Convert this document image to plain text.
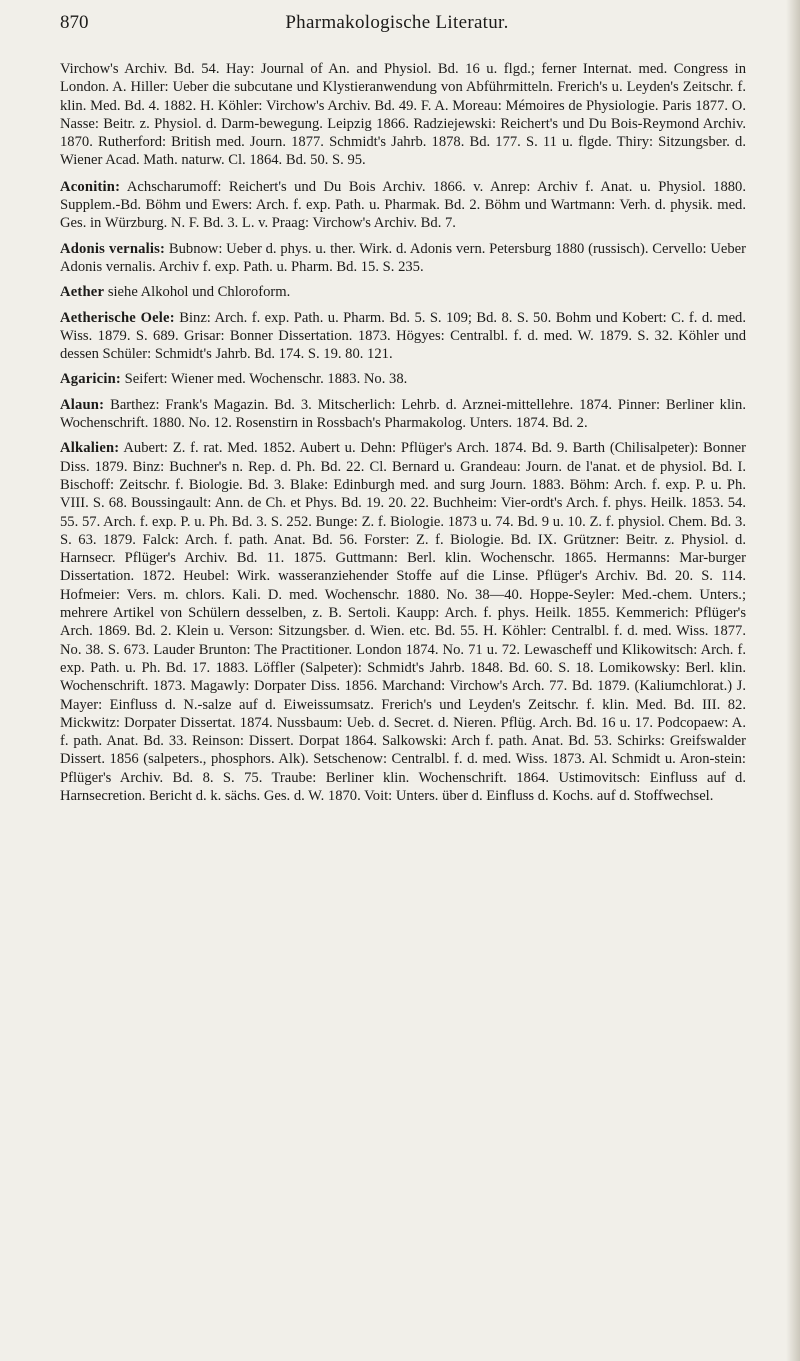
870	Pharmakologische Literatur.

Virchow's Archiv. Bd. 54. Hay: Journal of An. and Physiol. Bd. 16 u. flgd.; ferner Internat. med. Congress in London. A. Hiller: Ueber die subcutane und Klystieranwendung von Abführmitteln. Frerich's u. Leyden's Zeitschr. f. klin. Med. Bd. 4. 1882. H. Köhler: Virchow's Archiv. Bd. 49. F. A. Moreau: Mémoires de Physiologie. Paris 1877. O. Nasse: Beitr. z. Physiol. d. Darm-bewegung. Leipzig 1866. Radziejewski: Reichert's und Du Bois-Reymond Archiv. 1870. Rutherford: British med. Journ. 1877. Schmidt's Jahrb. 1878. Bd. 177. S. 11 u. flgde. Thiry: Sitzungsber. d. Wiener Acad. Math. naturw. Cl. 1864. Bd. 50. S. 95.

Aconitin: Achscharumoff: Reichert's und Du Bois Archiv. 1866. v. Anrep: Archiv f. Anat. u. Physiol. 1880. Supplem.-Bd. Böhm und Ewers: Arch. f. exp. Path. u. Pharmak. Bd. 2. Böhm und Wartmann: Verh. d. physik. med. Ges. in Würzburg. N. F. Bd. 3. L. v. Praag: Virchow's Archiv. Bd. 7.

Adonis vernalis: Bubnow: Ueber d. phys. u. ther. Wirk. d. Adonis vern. Petersburg 1880 (russisch). Cervello: Ueber Adonis vernalis. Archiv f. exp. Path. u. Pharm. Bd. 15. S. 235.

Aether siehe Alkohol und Chloroform.

Aetherische Oele: Binz: Arch. f. exp. Path. u. Pharm. Bd. 5. S. 109; Bd. 8. S. 50. Bohm und Kobert: C. f. d. med. Wiss. 1879. S. 689. Grisar: Bonner Dissertation. 1873. Högyes: Centralbl. f. d. med. W. 1879. S. 32. Köhler und dessen Schüler: Schmidt's Jahrb. Bd. 174. S. 19. 80. 121.

Agaricin: Seifert: Wiener med. Wochenschr. 1883. No. 38.

Alaun: Barthez: Frank's Magazin. Bd. 3. Mitscherlich: Lehrb. d. Arznei-mittellehre. 1874. Pinner: Berliner klin. Wochenschrift. 1880. No. 12. Rosenstirn in Rossbach's Pharmakolog. Unters. 1874. Bd. 2.

Alkalien: Aubert: Z. f. rat. Med. 1852. Aubert u. Dehn: Pflüger's Arch. 1874. Bd. 9. Barth (Chilisalpeter): Bonner Diss. 1879. Binz: Buchner's n. Rep. d. Ph. Bd. 22. Cl. Bernard u. Grandeau: Journ. de l'anat. et de physiol. Bd. I. Bischoff: Zeitschr. f. Biologie. Bd. 3. Blake: Edinburgh med. and surg Journ. 1883. Böhm: Arch. f. exp. P. u. Ph. VIII. S. 68. Boussingault: Ann. de Ch. et Phys. Bd. 19. 20. 22. Buchheim: Vier-ordt's Arch. f. phys. Heilk. 1853. 54. 55. 57. Arch. f. exp. P. u. Ph. Bd. 3. S. 252. Bunge: Z. f. Biologie. 1873 u. 74. Bd. 9 u. 10. Z. f. physiol. Chem. Bd. 3. S. 63. 1879. Falck: Arch. f. path. Anat. Bd. 56. Forster: Z. f. Biologie. Bd. IX. Grützner: Beitr. z. Physiol. d. Harnsecr. Pflüger's Archiv. Bd. 11. 1875. Guttmann: Berl. klin. Wochenschr. 1865. Hermanns: Mar-burger Dissertation. 1872. Heubel: Wirk. wasseranziehender Stoffe auf die Linse. Pflüger's Archiv. Bd. 20. S. 114. Hofmeier: Vers. m. chlors. Kali. D. med. Wochenschr. 1880. No. 38—40. Hoppe-Seyler: Med.-chem. Unters.; mehrere Artikel von Schülern desselben, z. B. Sertoli. Kaupp: Arch. f. phys. Heilk. 1855. Kemmerich: Pflüger's Arch. 1869. Bd. 2. Klein u. Verson: Sitzungsber. d. Wien. etc. Bd. 55. H. Köhler: Centralbl. f. d. med. Wiss. 1877. No. 38. S. 673. Lauder Brunton: The Practitioner. London 1874. No. 71 u. 72. Lewascheff und Klikowitsch: Arch. f. exp. Path. u. Ph. Bd. 17. 1883. Löffler (Salpeter): Schmidt's Jahrb. 1848. Bd. 60. S. 18. Lomikowsky: Berl. klin. Wochenschrift. 1873. Magawly: Dorpater Diss. 1856. Marchand: Virchow's Arch. 77. Bd. 1879. (Kaliumchlorat.) J. Mayer: Einfluss d. N.-salze auf d. Eiweissumsatz. Frerich's und Leyden's Zeitschr. f. klin. Med. Bd. III. 82. Mickwitz: Dorpater Dissertat. 1874. Nussbaum: Ueb. d. Secret. d. Nieren. Pflüg. Arch. Bd. 16 u. 17. Podcopaew: A. f. path. Anat. Bd. 33. Reinson: Dissert. Dorpat 1864. Salkowski: Arch f. path. Anat. Bd. 53. Schirks: Greifswalder Dissert. 1856 (salpeters., phosphors. Alk). Setschenow: Centralbl. f. d. med. Wiss. 1873. Al. Schmidt u. Aron-stein: Pflüger's Archiv. Bd. 8. S. 75. Traube: Berliner klin. Wochenschrift. 1864. Ustimovitsch: Einfluss auf d. Harnsecretion. Bericht d. k. sächs. Ges. d. W. 1870. Voit: Unters. über d. Einfluss d. Kochs. auf d. Stoffwechsel.
